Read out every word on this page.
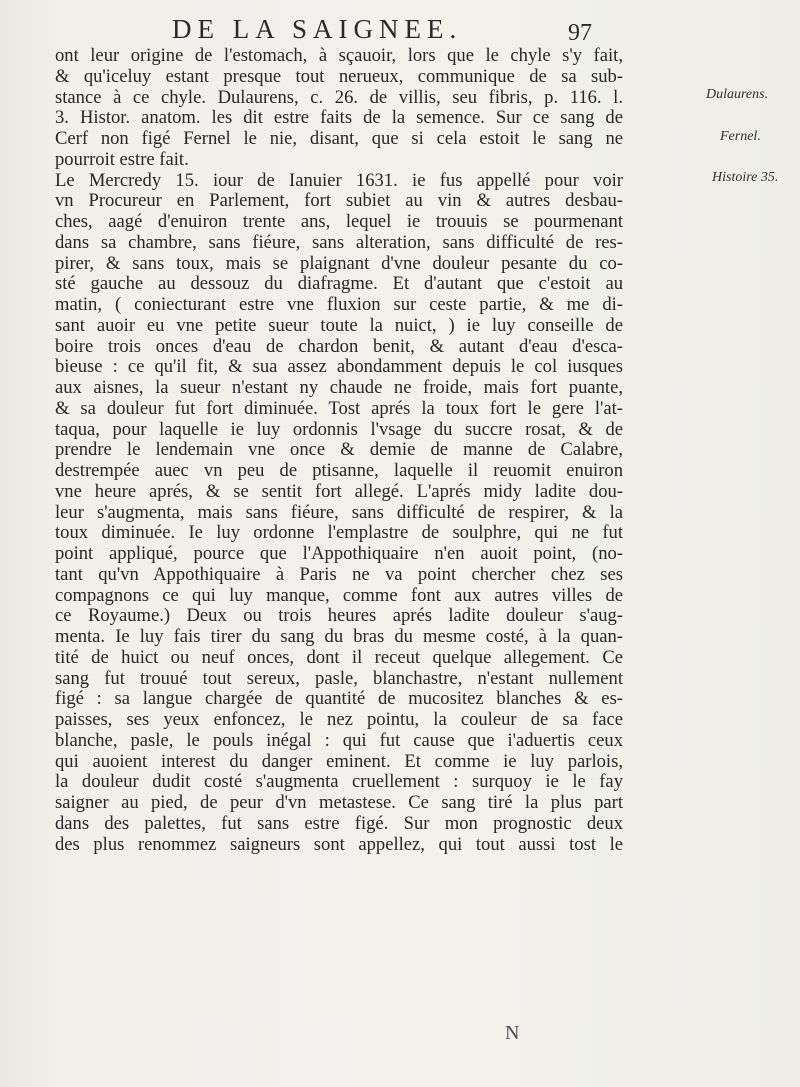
DE LA SAIGNEE.	97
ont leur origine de l'estomach, à sçauoir, lors que le chyle s'y fait,
& qu'iceluy estant presque tout nerueux, communique de sa sub-
stance à ce chyle. Dulaurens, c. 26. de villis, seu fibris, p. 116. l.
3. Histor. anatom. les dit estre faits de la semence. Sur ce sang de
Cerf non figé Fernel le nie, disant, que si cela estoit le sang ne
pourroit estre fait.
Le Mercredy 15. iour de Ianuier 1631. ie fus appellé pour voir
vn Procureur en Parlement, fort subiet au vin & autres desbau-
ches, aagé d'enuiron trente ans, lequel ie trouuis se pourmenant
dans sa chambre, sans fiéure, sans alteration, sans difficulté de res-
pirer, & sans toux, mais se plaignant d'vne douleur pesante du co-
sté gauche au dessouz du diafragme. Et d'autant que c'estoit au
matin, ( coniecturant estre vne fluxion sur ceste partie, & me di-
sant auoir eu vne petite sueur toute la nuict, ) ie luy conseille de
boire trois onces d'eau de chardon benit, & autant d'eau d'esca-
bieuse : ce qu'il fit, & sua assez abondamment depuis le col iusques
aux aisnes, la sueur n'estant ny chaude ne froide, mais fort puante,
& sa douleur fut fort diminuée. Tost aprés la toux fort le gere l'at-
taqua, pour laquelle ie luy ordonnis l'vsage du succre rosat, & de
prendre le lendemain vne once & demie de manne de Calabre,
destrempée auec vn peu de ptisanne, laquelle il reuomit enuiron
vne heure aprés, & se sentit fort allegé. L'aprés midy ladite dou-
leur s'augmenta, mais sans fiéure, sans difficulté de respirer, & la
toux diminuée. Ie luy ordonne l'emplastre de soulphre, qui ne fut
point appliqué, pource que l'Appothiquaire n'en auoit point, (no-
tant qu'vn Appothiquaire à Paris ne va point chercher chez ses
compagnons ce qui luy manque, comme font aux autres villes de
ce Royaume.) Deux ou trois heures aprés ladite douleur s'aug-
menta. Ie luy fais tirer du sang du bras du mesme costé, à la quan-
tité de huict ou neuf onces, dont il receut quelque allegement. Ce
sang fut trouué tout sereux, pasle, blanchastre, n'estant nullement
figé : sa langue chargée de quantité de mucositez blanches & es-
paisses, ses yeux enfoncez, le nez pointu, la couleur de sa face
blanche, pasle, le pouls inégal : qui fut cause que i'aduertis ceux
qui auoient interest du danger eminent. Et comme ie luy parlois,
la douleur dudit costé s'augmenta cruellement : surquoy ie le fay
saigner au pied, de peur d'vn metastese. Ce sang tiré la plus part
dans des palettes, fut sans estre figé. Sur mon prognostic deux
des plus renommez saigneurs sont appellez, qui tout aussi tost le
Dulaurens.
Fernel.
Histoire 35.
N
